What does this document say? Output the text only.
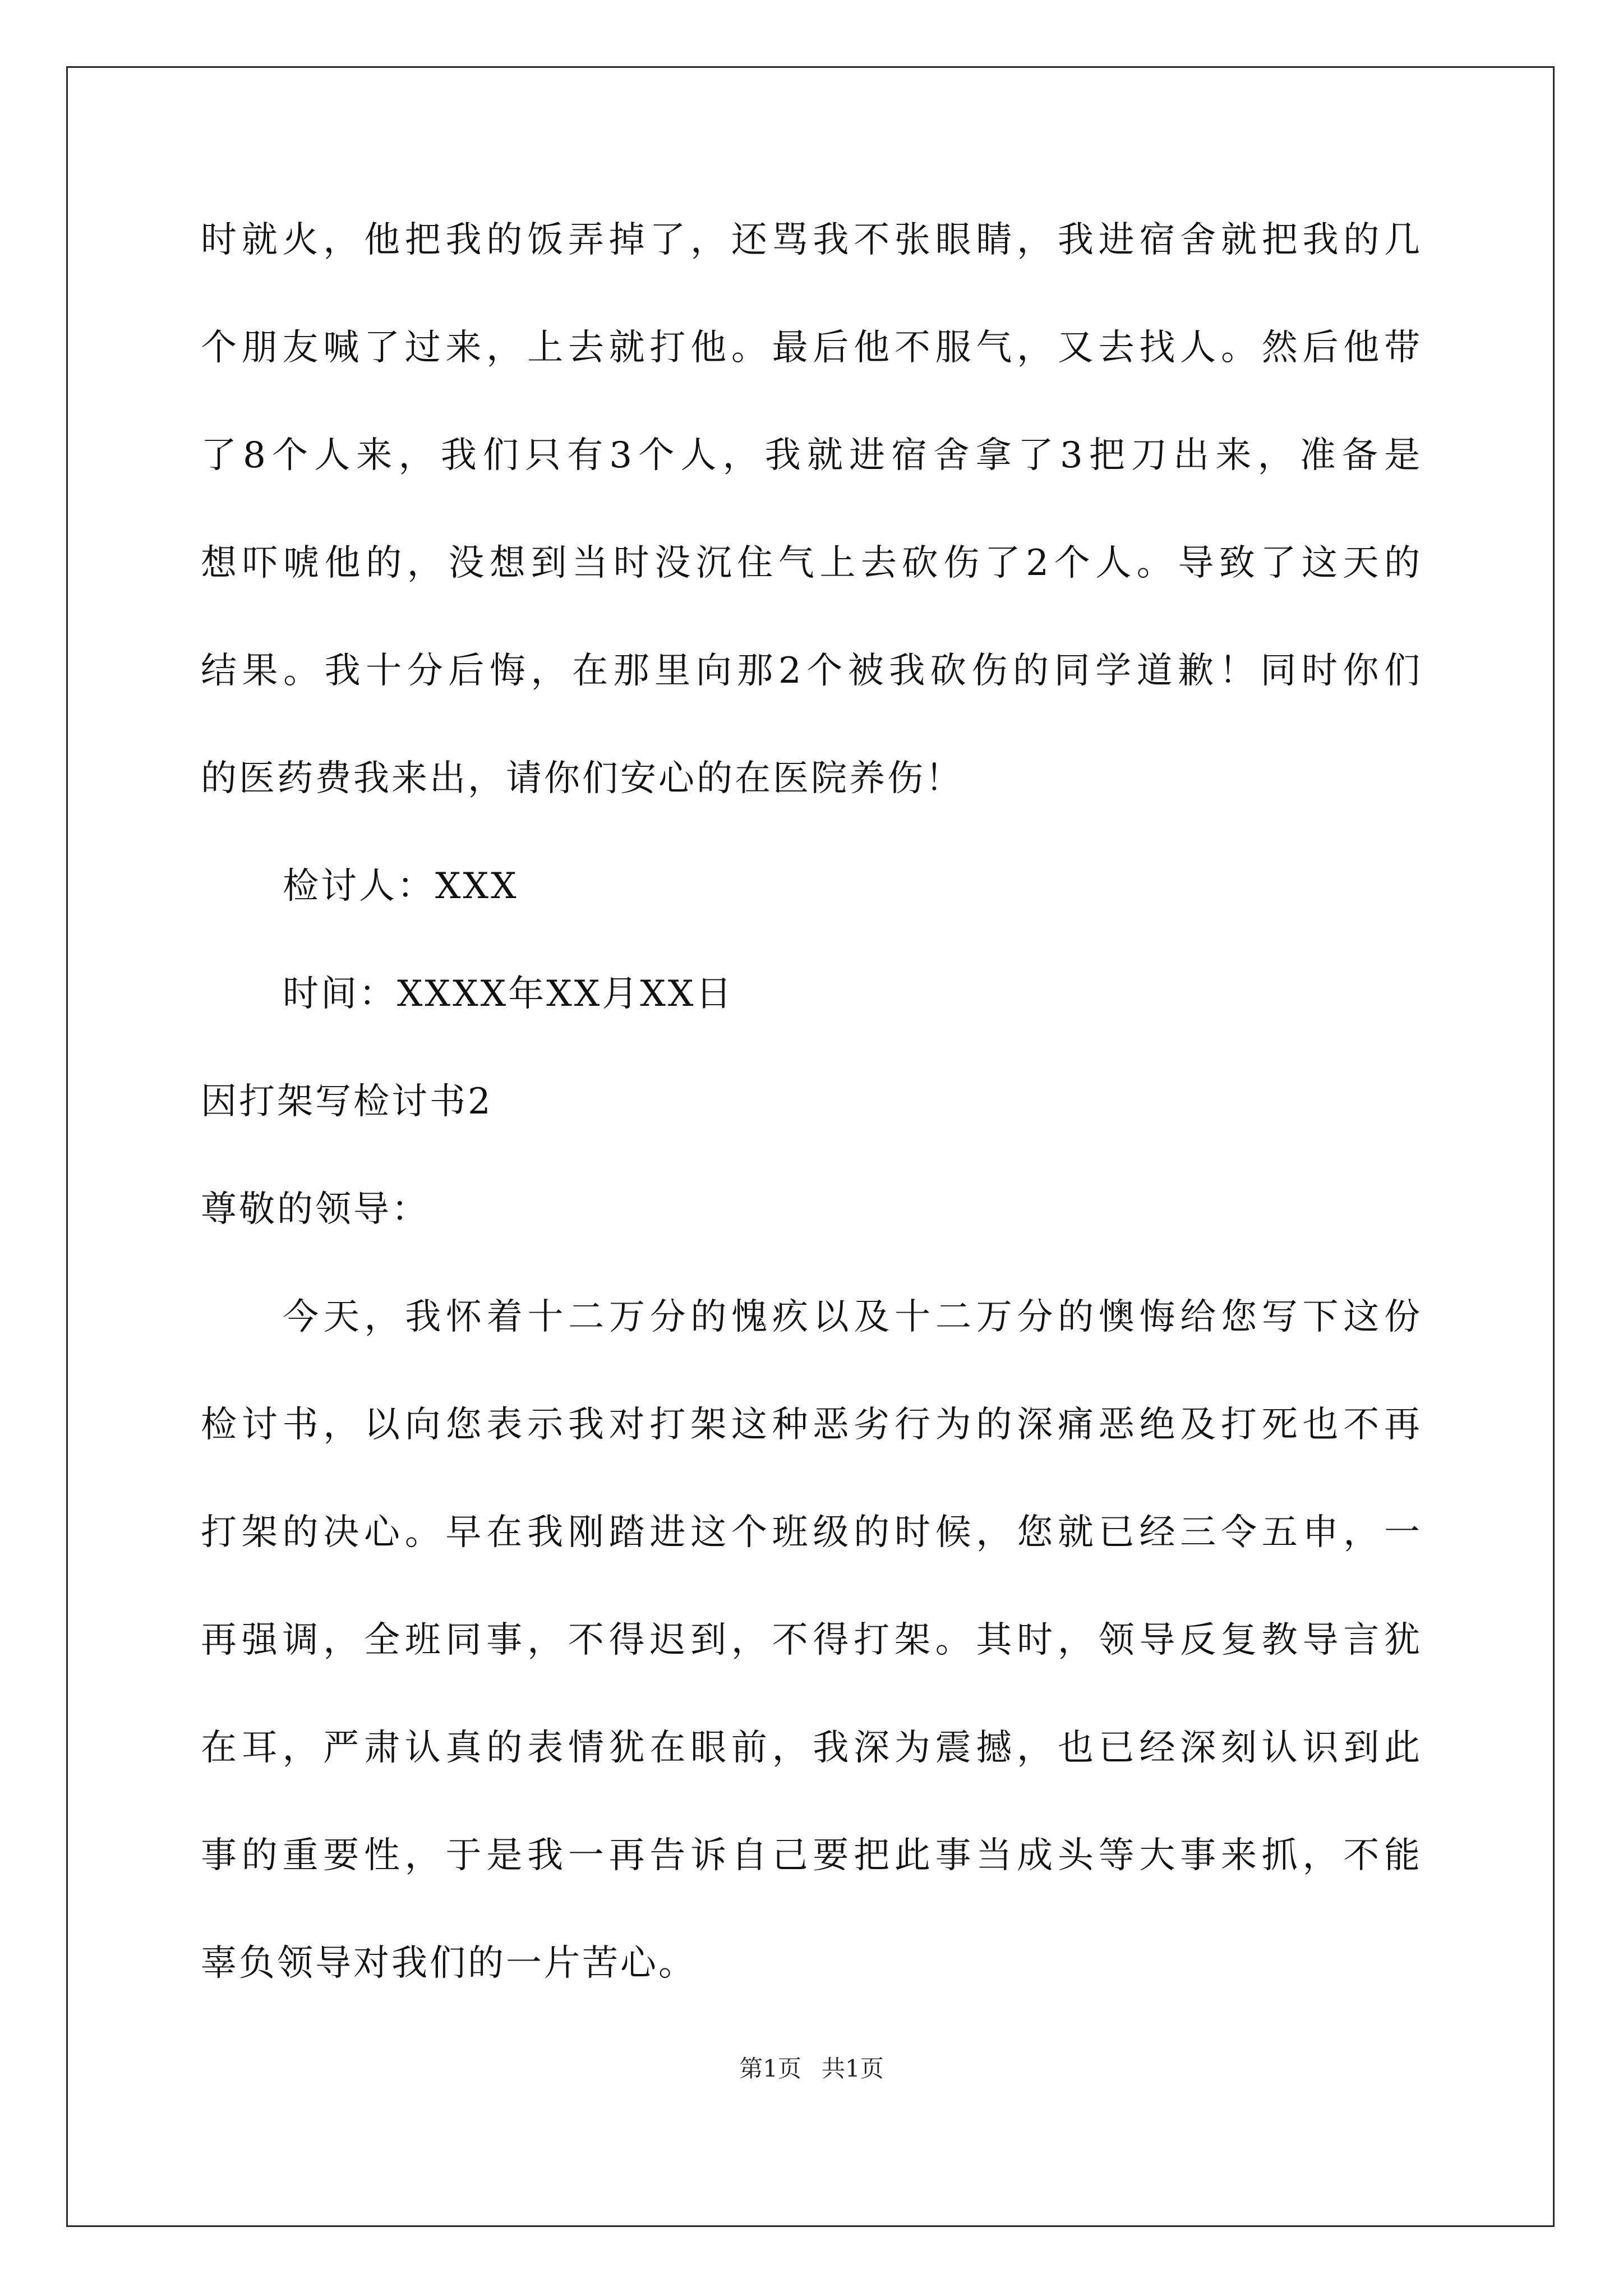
时就火，他把我的饭弄掉了，还骂我不张眼睛，我进宿舍就把我的几
个朋友喊了过来，上去就打他。最后他不服气，又去找人。然后他带
了8个人来，我们只有3个人，我就进宿舍拿了3把刀出来，准备是
想吓唬他的，没想到当时没沉住气上去砍伤了2个人。导致了这天的
结果。我十分后悔，在那里向那2个被我砍伤的同学道歉！同时你们
的医药费我来出，请你们安心的在医院养伤！
检讨人：XXX
时间：XXXX年XX月XX日
因打架写检讨书2
尊敬的领导：
今天，我怀着十二万分的愧疚以及十二万分的懊悔给您写下这份
检讨书，以向您表示我对打架这种恶劣行为的深痛恶绝及打死也不再
打架的决心。早在我刚踏进这个班级的时候，您就已经三令五申，一
再强调，全班同事，不得迟到，不得打架。其时，领导反复教导言犹
在耳，严肃认真的表情犹在眼前，我深为震撼，也已经深刻认识到此
事的重要性，于是我一再告诉自己要把此事当成头等大事来抓，不能
辜负领导对我们的一片苦心。
第1页 共1页
